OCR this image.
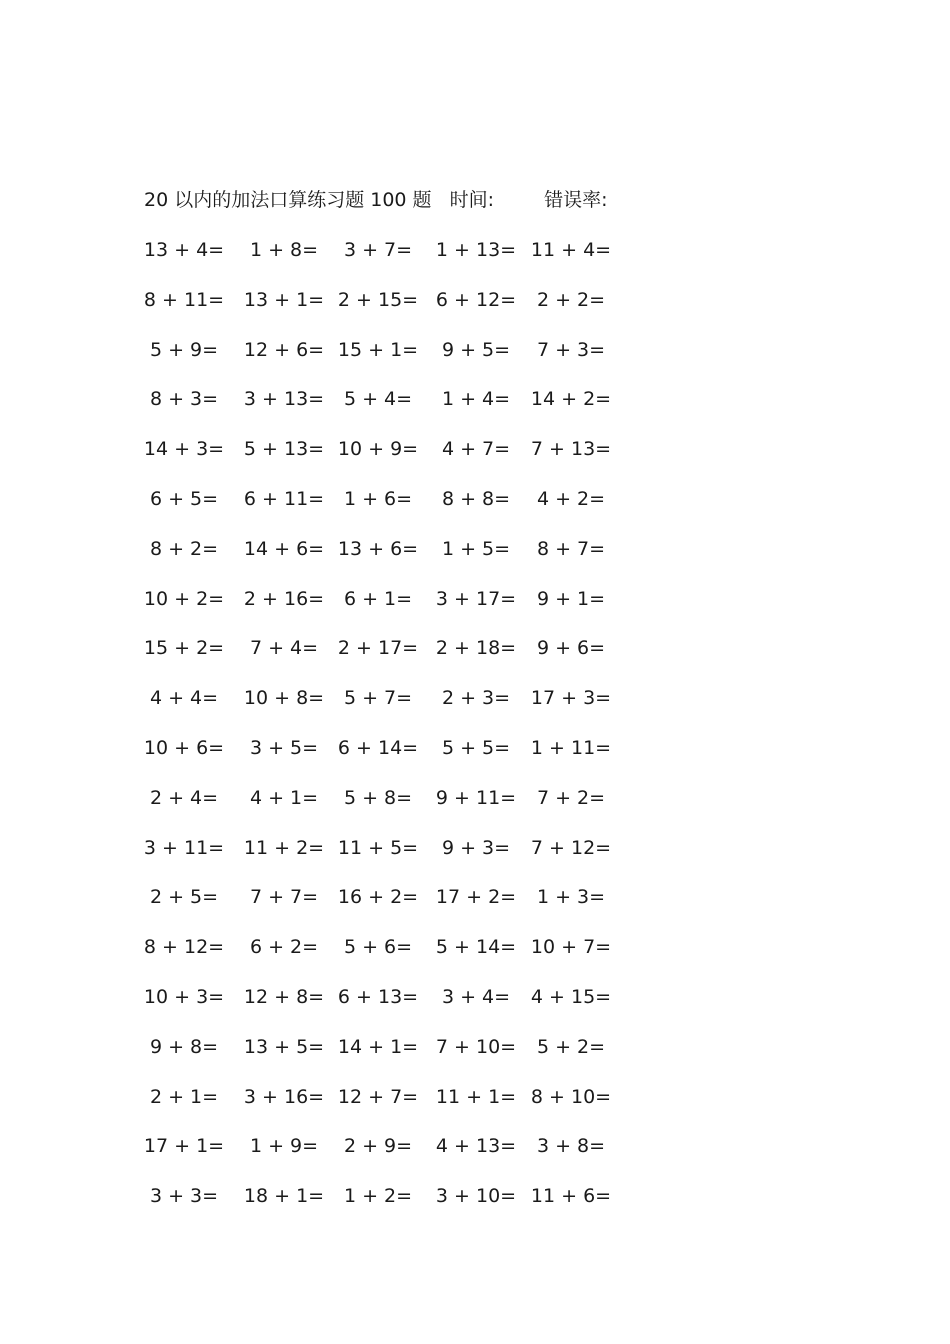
20 以内的加法口算练习题 100 题 时间:	错误率:
13 + 4= 1 + 8= 3 + 7= 1 + 13= 11 + 4=
8 + 11= 13 + 1= 2 + 15= 6 + 12= 2 + 2=
5 + 9= 12 + 6= 15 + 1= 9 + 5= 7 + 3=
8 + 3= 3 + 13= 5 + 4= 1 + 4= 14 + 2=
14 + 3= 5 + 13= 10 + 9= 4 + 7= 7 + 13=
6 + 5= 6 + 11= 1 + 6= 8 + 8= 4 + 2=
8 + 2= 14 + 6= 13 + 6= 1 + 5= 8 + 7=
10 + 2= 2 + 16= 6 + 1= 3 + 17= 9 + 1=
15 + 2= 7 + 4= 2 + 17= 2 + 18= 9 + 6=
4 + 4= 10 + 8= 5 + 7= 2 + 3= 17 + 3=
10 + 6= 3 + 5= 6 + 14= 5 + 5= 1 + 11=
2 + 4= 4 + 1= 5 + 8= 9 + 11= 7 + 2=
3 + 11= 11 + 2= 11 + 5= 9 + 3= 7 + 12=
2 + 5= 7 + 7= 16 + 2= 17 + 2= 1 + 3=
8 + 12= 6 + 2= 5 + 6= 5 + 14= 10 + 7=
10 + 3= 12 + 8= 6 + 13= 3 + 4= 4 + 15=
9 + 8= 13 + 5= 14 + 1= 7 + 10= 5 + 2=
2 + 1= 3 + 16= 12 + 7= 11 + 1= 8 + 10=
17 + 1= 1 + 9= 2 + 9= 4 + 13= 3 + 8=
3 + 3= 18 + 1= 1 + 2= 3 + 10= 11 + 6=
